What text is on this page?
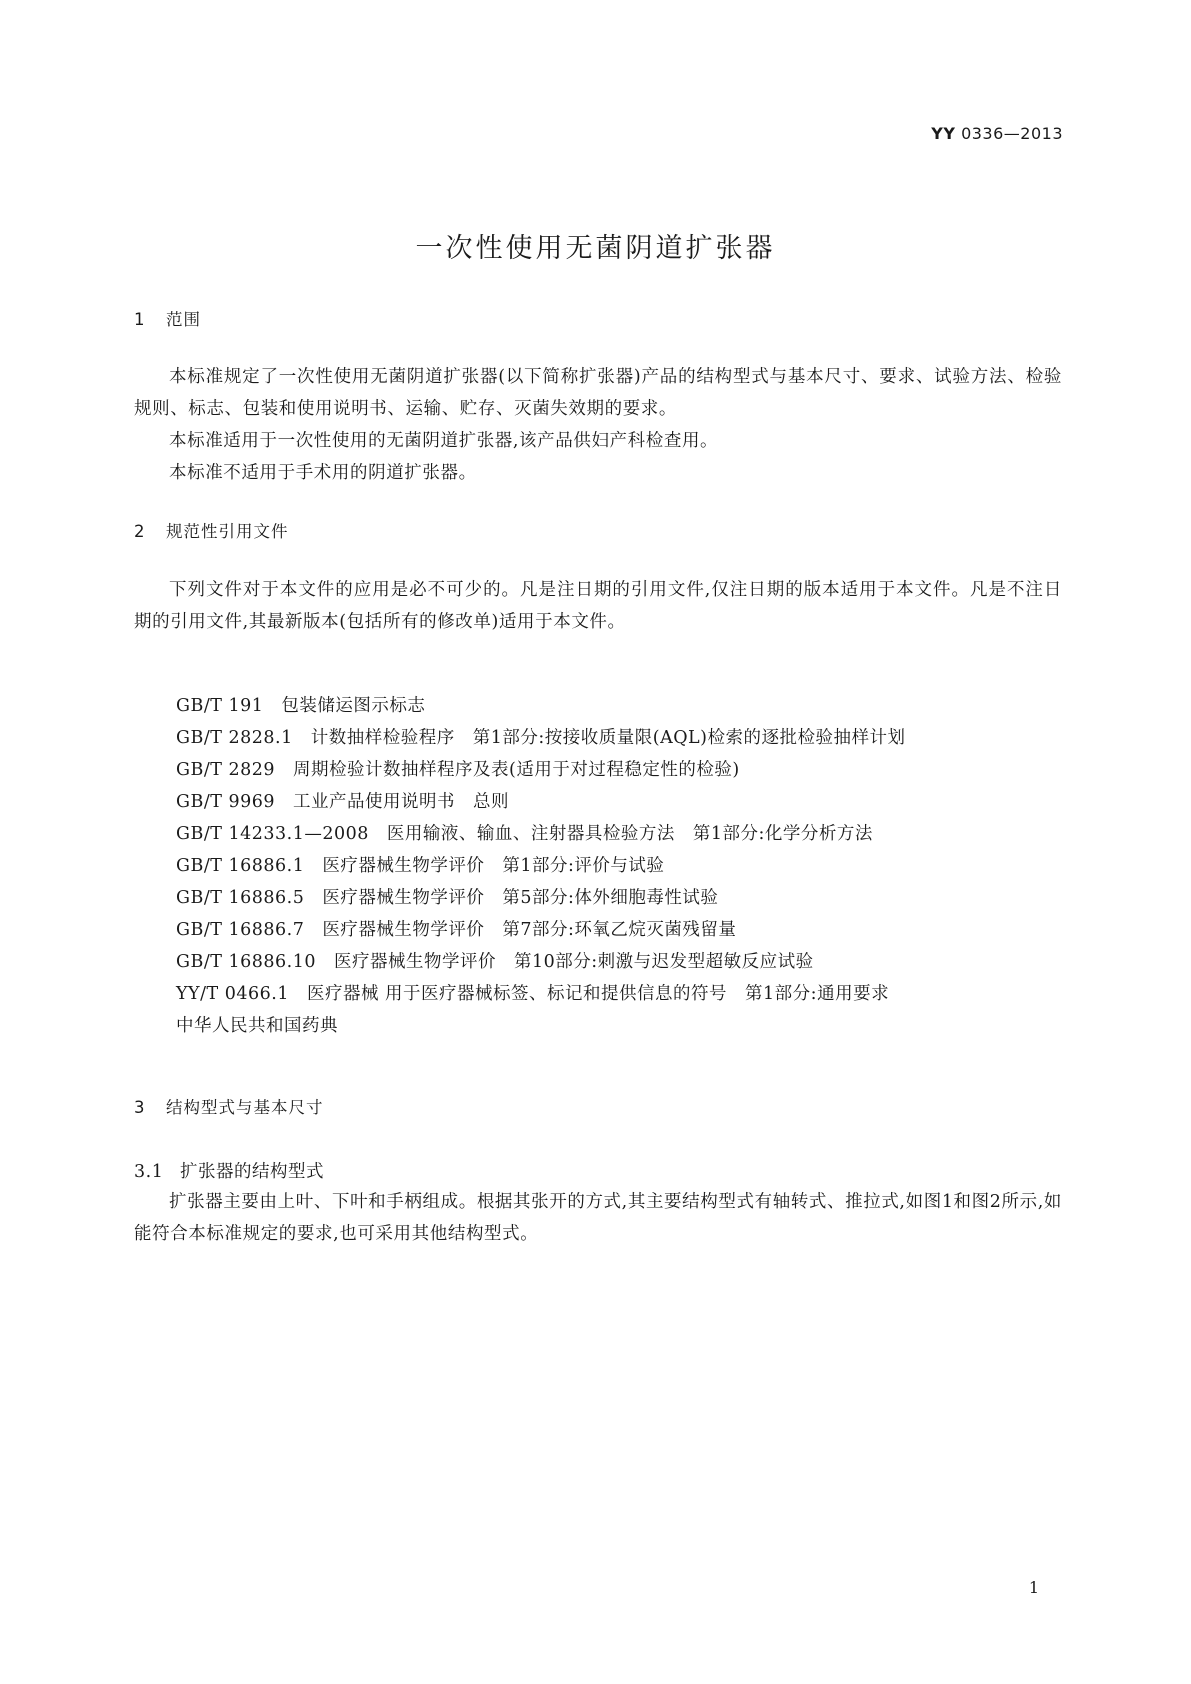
YY 0336—2013
一次性使用无菌阴道扩张器
1 范围

本标准规定了一次性使用无菌阴道扩张器(以下简称扩张器)产品的结构型式与基本尺寸、要求、试验方法、检验规则、标志、包装和使用说明书、运输、贮存、灭菌失效期的要求。

本标准适用于一次性使用的无菌阴道扩张器,该产品供妇产科检查用。

本标准不适用于手术用的阴道扩张器。

2 规范性引用文件

下列文件对于本文件的应用是必不可少的。凡是注日期的引用文件,仅注日期的版本适用于本文件。凡是不注日期的引用文件,其最新版本(包括所有的修改单)适用于本文件。

GB/T 191 包装储运图示标志
GB/T 2828.1 计数抽样检验程序　第1部分:按接收质量限(AQL)检索的逐批检验抽样计划
GB/T 2829 周期检验计数抽样程序及表(适用于对过程稳定性的检验)
GB/T 9969 工业产品使用说明书　总则
GB/T 14233.1—2008 医用输液、输血、注射器具检验方法　第1部分:化学分析方法
GB/T 16886.1 医疗器械生物学评价　第1部分:评价与试验
GB/T 16886.5 医疗器械生物学评价　第5部分:体外细胞毒性试验
GB/T 16886.7 医疗器械生物学评价　第7部分:环氧乙烷灭菌残留量
GB/T 16886.10 医疗器械生物学评价　第10部分:刺激与迟发型超敏反应试验
YY/T 0466.1 医疗器械 用于医疗器械标签、标记和提供信息的符号　第1部分:通用要求
中华人民共和国药典
3 结构型式与基本尺寸
3.1 扩张器的结构型式

扩张器主要由上叶、下叶和手柄组成。根据其张开的方式,其主要结构型式有轴转式、推拉式,如图1和图2所示,如能符合本标准规定的要求,也可采用其他结构型式。

1
